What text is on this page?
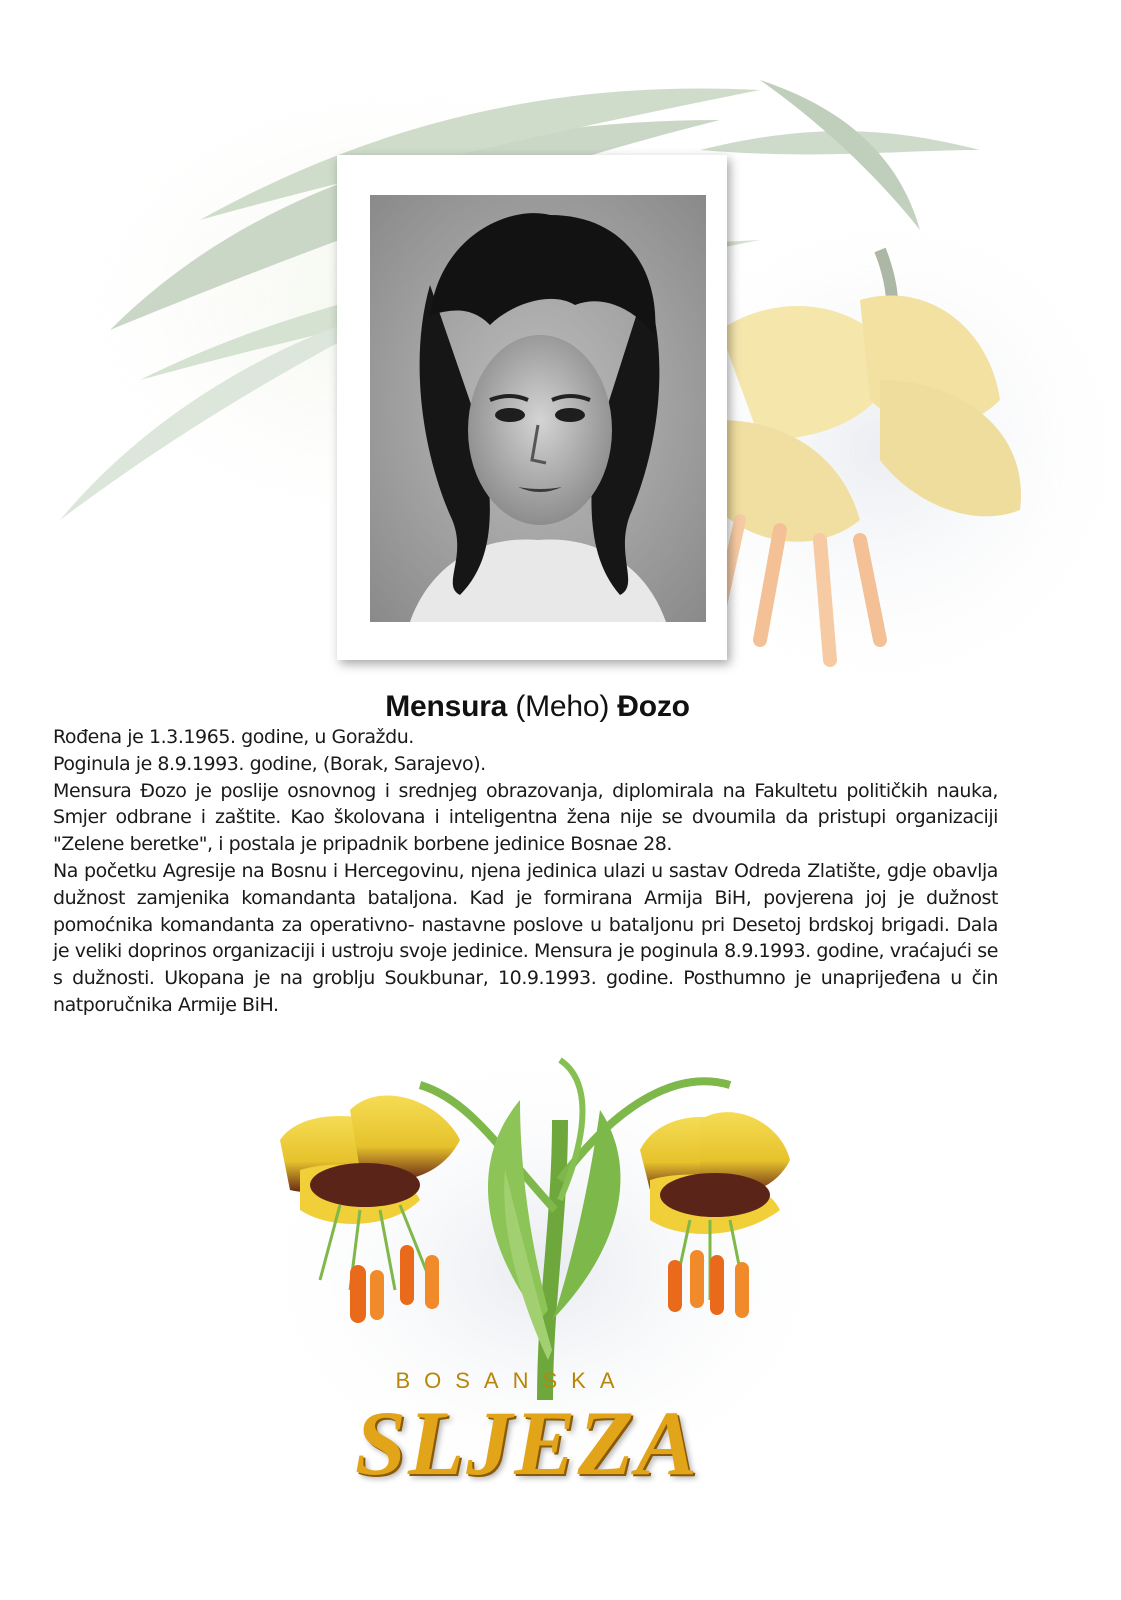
Mensura (Meho) Đozo

Rođena je 1.3.1965. godine, u Goraždu.

Poginula je 8.9.1993. godine, (Borak, Sarajevo).

Mensura Đozo je poslije osnovnog i srednjeg obrazovanja, diplomirala na Fakultetu političkih nauka, Smjer odbrane i zaštite. Kao školovana i inteligentna žena nije se dvoumila da pristupi organizaciji "Zelene beretke", i postala je pripadnik borbene jedinice Bosnae 28.

Na početku Agresije na Bosnu i Hercegovinu, njena jedinica ulazi u sastav Odreda Zlatište, gdje obavlja dužnost zamjenika komandanta bataljona. Kad je formirana Armija BiH, povjerena joj je dužnost pomoćnika komandanta za operativno- nastavne poslove u bataljonu pri Desetoj brdskoj brigadi. Dala je veliki doprinos organizaciji i ustroju svoje jedinice. Mensura je poginula 8.9.1993. godine, vraćajući se s dužnosti. Ukopana je na groblju Soukbunar, 10.9.1993. godine. Posthumno je unaprijeđena u čin natporučnika Armije BiH.

BOSANSKA
SLJEZA
